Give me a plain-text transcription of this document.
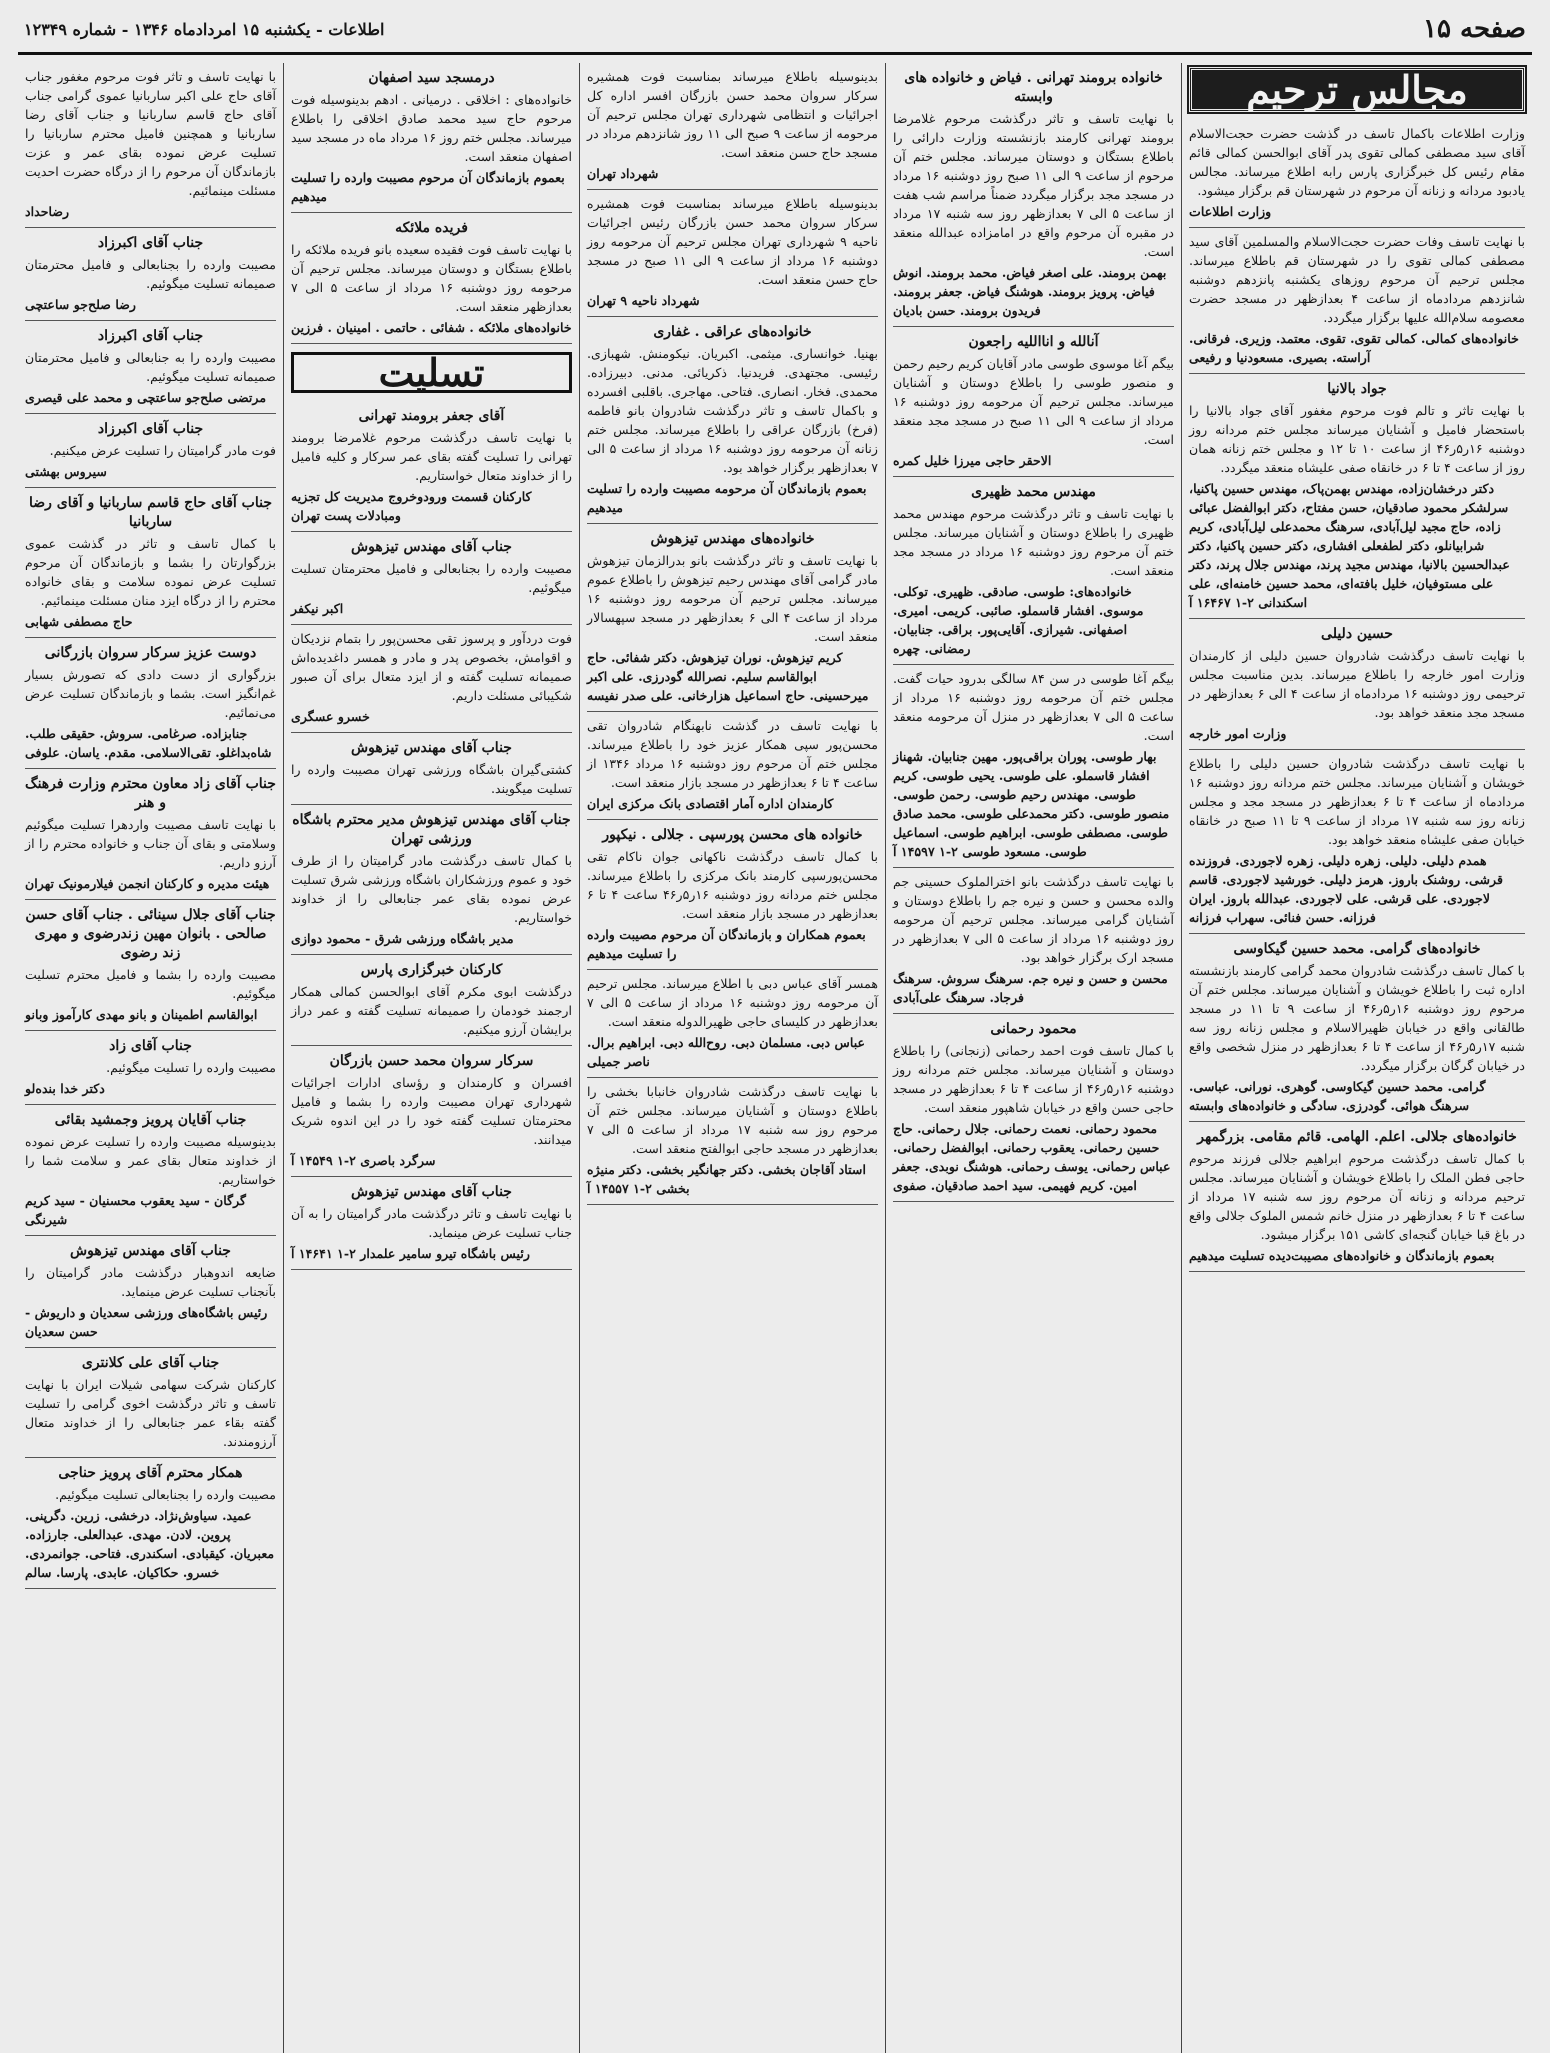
صفحه ۱۵
اطلاعات - یکشنبه ۱۵ امردادماه ۱۳۴۶ - شماره ۱۲۳۴۹
مجالس ترحیم

وزارت اطلاعات باکمال تاسف در گذشت حضرت حجت‌الاسلام آقای سید مصطفی کمالی تقوی پدر آقای ابوالحسن کمالی قائم مقام رئیس کل خبرگزاری پارس رابه اطلاع میرساند. مجالس یادبود مردانه و زنانه آن مرحوم در شهرستان قم برگزار میشود.

وزارت اطلاعات

با نهایت تاسف وفات حضرت حجت‌الاسلام والمسلمین آقای سید مصطفی کمالی تقوی را در شهرستان قم باطلاع میرساند. مجلس ترحیم آن مرحوم روزهای یکشنبه پانزدهم دوشنبه شانزدهم مردادماه از ساعت ۴ بعدازظهر در مسجد حضرت معصومه سلام‌الله علیها برگزار میگردد.

خانواده‌های کمالی. کمالی تقوی. تقوی. معتمد. وزیری. فرقانی. آراسته. بصیری. مسعودنیا و رفیعی

جواد بالانیا

با نهایت تاثر و تالم فوت مرحوم مغفور آقای جواد بالانیا را باستحضار فامیل و آشنایان میرساند مجلس ختم مردانه روز دوشنبه ۱۶ر۵ر۴۶ از ساعت ۱۰ تا ۱۲ و مجلس ختم زنانه همان روز از ساعت ۴ تا ۶ در خانقاه صفی علیشاه منعقد میگردد.

دکتر درخشان‌زاده، مهندس بهمن‌پاک، مهندس حسین پاکنیا، سرلشکر محمود صادقیان، حسن مفتاح، دکتر ابوالفضل عبائی زاده، حاج مجید لیل‌آبادی، سرهنگ محمدعلی لیل‌آبادی، کریم شرابیانلو، دکتر لطفعلی افشاری، دکتر حسین پاکنیا، دکتر عبدالحسین بالانیا، مهندس مجید پرند، مهندس جلال پرند، دکتر علی مستوفیان، خلیل بافته‌ای، محمد حسین خامنه‌ای، علی اسکندانی ۲-۱ ۱۶۴۶۷ آ

حسین دلیلی

با نهایت تاسف درگذشت شادروان حسین دلیلی از کارمندان وزارت امور خارجه را باطلاع میرساند. بدین مناسبت مجلس ترحیمی روز دوشنبه ۱۶ مردادماه از ساعت ۴ الی ۶ بعدازظهر در مسجد مجد منعقد خواهد بود.

وزارت امور خارجه

با نهایت تاسف درگذشت شادروان حسین دلیلی را باطلاع خویشان و آشنایان میرساند. مجلس ختم مردانه روز دوشنبه ۱۶ مردادماه از ساعت ۴ تا ۶ بعدازظهر در مسجد مجد و مجلس زنانه روز سه شنبه ۱۷ مرداد از ساعت ۹ تا ۱۱ صبح در خانقاه خیابان صفی علیشاه منعقد خواهد بود.

همدم دلیلی. دلیلی. زهره دلیلی. زهره لاجوردی. فروزنده قرشی. روشنک باروز. هرمز دلیلی. خورشید لاجوردی. قاسم لاجوردی. علی قرشی. علی لاجوردی. عبدالله باروز. ایران فرزانه. حسن فنائی. سهراب فرزانه

خانواده‌های گرامی. محمد حسین گیکاوسی

با کمال تاسف درگذشت شادروان محمد گرامی کارمند بازنشسته اداره ثبت را باطلاع خویشان و آشنایان میرساند. مجلس ختم آن مرحوم روز دوشنبه ۱۶ر۵ر۴۶ از ساعت ۹ تا ۱۱ در مسجد طالقانی واقع در خیابان ظهیرالاسلام و مجلس زنانه روز سه شنبه ۱۷ر۵ر۴۶ از ساعت ۴ تا ۶ بعدازظهر در منزل شخصی واقع در خیابان گرگان برگزار میگردد.

گرامی. محمد حسین گیکاوسی. گوهری. نورانی. عباسی. سرهنگ هوائی. گودرزی. سادگی و خانواده‌های وابسته

خانواده‌های جلالی. اعلم. الهامی. قائم مقامی. بزرگمهر

با کمال تاسف درگذشت مرحوم ابراهیم جلالی فرزند مرحوم حاجی فطن الملک را باطلاع خویشان و آشنایان میرساند. مجلس ترحیم مردانه و زنانه آن مرحوم روز سه شنبه ۱۷ مرداد از ساعت ۴ تا ۶ بعدازظهر در منزل خانم شمس الملوک جلالی واقع در باغ قبا خیابان گنجه‌ای کاشی ۱۵۱ برگزار میشود.

بعموم بازماندگان و خانواده‌های مصیبت‌دیده تسلیت میدهیم

خانواده برومند تهرانی . فیاض و خانواده های وابسته

با نهایت تاسف و تاثر درگذشت مرحوم غلامرضا برومند تهرانی کارمند بازنشسته وزارت دارائی را باطلاع بستگان و دوستان میرساند. مجلس ختم آن مرحوم از ساعت ۹ الی ۱۱ صبح روز دوشنبه ۱۶ مرداد در مسجد مجد برگزار میگردد ضمناً مراسم شب هفت از ساعت ۵ الی ۷ بعدازظهر روز سه شنبه ۱۷ مرداد در مقبره آن مرحوم واقع در امامزاده عبدالله منعقد است.

بهمن برومند. علی اصغر فیاض. محمد برومند. انوش فیاض. پرویز برومند. هوشنگ فیاض. جعفر برومند. فریدون برومند. حسن بادیان

آنالله و انااللیه راجعون

بیگم آغا موسوی طوسی مادر آقایان کریم رحیم رحمن و منصور طوسی را باطلاع دوستان و آشنایان میرساند. مجلس ترحیم آن مرحومه روز دوشنبه ۱۶ مرداد از ساعت ۹ الی ۱۱ صبح در مسجد مجد منعقد است.

الاحقر حاجی میرزا خلیل کمره

مهندس محمد ظهیری

با نهایت تاسف و تاثر درگذشت مرحوم مهندس محمد ظهیری را باطلاع دوستان و آشنایان میرساند. مجلس ختم آن مرحوم روز دوشنبه ۱۶ مرداد در مسجد مجد منعقد است.

خانواده‌های: طوسی. صادقی. ظهیری. توکلی. موسوی. افشار قاسملو. صائبی. کریمی. امیری. اصفهانی. شیرازی. آقایی‌پور. براقی. جنابیان. رمضانی. چهره

بیگم آغا طوسی در سن ۸۴ سالگی بدرود حیات گفت. مجلس ختم آن مرحومه روز دوشنبه ۱۶ مرداد از ساعت ۵ الی ۷ بعدازظهر در منزل آن مرحومه منعقد است.

بهار طوسی. پوران براقی‌پور. مهین جنابیان. شهناز افشار قاسملو. علی طوسی. یحیی طوسی. کریم طوسی. مهندس رحیم طوسی. رحمن طوسی. منصور طوسی. دکتر محمدعلی طوسی. محمد صادق طوسی. مصطفی طوسی. ابراهیم طوسی. اسماعیل طوسی. مسعود طوسی ۲-۱ ۱۴۵۹۷ آ

با نهایت تاسف درگذشت بانو اخترالملوک حسینی جم والده محسن و حسن و نیره جم را باطلاع دوستان و آشنایان گرامی میرساند. مجلس ترحیم آن مرحومه روز دوشنبه ۱۶ مرداد از ساعت ۵ الی ۷ بعدازظهر در مسجد ارک برگزار خواهد بود.

محسن و حسن و نیره جم. سرهنگ سروش. سرهنگ فرجاد. سرهنگ علی‌آبادی

محمود رحمانی

با کمال تاسف فوت احمد رحمانی (زنجانی) را باطلاع دوستان و آشنایان میرساند. مجلس ختم مردانه روز دوشنبه ۱۶ر۵ر۴۶ از ساعت ۴ تا ۶ بعدازظهر در مسجد حاجی حسن واقع در خیابان شاهپور منعقد است.

محمود رحمانی. نعمت رحمانی. جلال رحمانی. حاج حسین رحمانی. یعقوب رحمانی. ابوالفضل رحمانی. عباس رحمانی. یوسف رحمانی. هوشنگ نوبدی. جعفر امین. کریم فهیمی. سید احمد صادقیان. صفوی

بدینوسیله باطلاع میرساند بمناسبت فوت همشیره سرکار سروان محمد حسن بازرگان افسر اداره کل اجرائیات و انتظامی شهرداری تهران مجلس ترحیم آن مرحومه از ساعت ۹ صبح الی ۱۱ روز شانزدهم مرداد در مسجد حاج حسن منعقد است.

شهرداد تهران

بدینوسیله باطلاع میرساند بمناسبت فوت همشیره سرکار سروان محمد حسن بازرگان رئیس اجرائیات ناحیه ۹ شهرداری تهران مجلس ترحیم آن مرحومه روز دوشنبه ۱۶ مرداد از ساعت ۹ الی ۱۱ صبح در مسجد حاج حسن منعقد است.

شهرداد ناحیه ۹ تهران

خانواده‌های عراقی . غفاری

بهنیا. خوانساری. میثمی. اکبریان. نیکومنش. شهبازی. رئیسی. مجتهدی. فریدنیا. ذکریائی. مدنی. دبیرزاده. محمدی. فخار. انصاری. فتاحی. مهاجری. باقلبی افسرده و باکمال تاسف و تاثر درگذشت شادروان بانو فاطمه (فرخ) بازرگان عراقی را باطلاع میرساند. مجلس ختم زنانه آن مرحومه روز دوشنبه ۱۶ مرداد از ساعت ۵ الی ۷ بعدازظهر برگزار خواهد بود.

بعموم بازماندگان آن مرحومه مصیبت وارده را تسلیت میدهیم

خانواده‌های مهندس تیزهوش

با نهایت تاسف و تاثر درگذشت بانو بدرالزمان تیزهوش مادر گرامی آقای مهندس رحیم تیزهوش را باطلاع عموم میرساند. مجلس ترحیم آن مرحومه روز دوشنبه ۱۶ مرداد از ساعت ۴ الی ۶ بعدازظهر در مسجد سپهسالار منعقد است.

کریم تیزهوش. نوران تیزهوش. دکتر شفائی. حاج ابوالقاسم سلیم. نصرالله گودرزی. علی اکبر میرحسینی. حاج اسماعیل هزارخانی. علی صدر نفیسه

با نهایت تاسف در گذشت نابهنگام شادروان تقی محسن‌پور سپی همکار عزیز خود را باطلاع میرساند. مجلس ختم آن مرحوم روز دوشنبه ۱۶ مرداد ۱۳۴۶ از ساعت ۴ تا ۶ بعدازظهر در مسجد بازار منعقد است.

کارمندان اداره آمار اقتصادی بانک مرکزی ایران

خانواده های محسن پورسپی . جلالی . نیکپور

با کمال تاسف درگذشت ناکهانی جوان ناکام تقی محسن‌پورسپی کارمند بانک مرکزی را باطلاع میرساند. مجلس ختم مردانه روز دوشنبه ۱۶ر۵ر۴۶ ساعت ۴ تا ۶ بعدازظهر در مسجد بازار منعقد است.

بعموم همکاران و بازماندگان آن مرحوم مصیبت وارده را تسلیت میدهیم

همسر آقای عباس دبی با اطلاع میرساند. مجلس ترحیم آن مرحومه روز دوشنبه ۱۶ مرداد از ساعت ۵ الی ۷ بعدازظهر در کلیسای حاجی ظهیرالدوله منعقد است.

عباس دبی. مسلمان دبی. روح‌الله دبی. ابراهیم برال. ناصر جمیلی

با نهایت تاسف درگذشت شادروان خانبابا بخشی را باطلاع دوستان و آشنایان میرساند. مجلس ختم آن مرحوم روز سه شنبه ۱۷ مرداد از ساعت ۵ الی ۷ بعدازظهر در مسجد حاجی ابوالفتح منعقد است.

استاد آقاجان بخشی. دکتر جهانگیر بخشی. دکتر منیژه بخشی ۲-۱ ۱۴۵۵۷ آ

درمسجد سید اصفهان

خانواده‌های : اخلاقی . درمیانی . ادهم بدینوسیله فوت مرحوم حاج سید محمد صادق اخلاقی را باطلاع میرساند. مجلس ختم روز ۱۶ مرداد ماه در مسجد سید اصفهان منعقد است.

بعموم بازماندگان آن مرحوم مصیبت وارده را تسلیت میدهیم

فریده ملائکه

با نهایت تاسف فوت فقیده سعیده بانو فریده ملائکه را باطلاع بستگان و دوستان میرساند. مجلس ترحیم آن مرحومه روز دوشنبه ۱۶ مرداد از ساعت ۵ الی ۷ بعدازظهر منعقد است.

خانواده‌های ملائکه . شفائی . حاتمی . امینیان . فرزین

تسلیت
آقای جعفر برومند تهرانی

با نهایت تاسف درگذشت مرحوم غلامرضا برومند تهرانی را تسلیت گفته بقای عمر سرکار و کلیه فامیل را از خداوند متعال خواستاریم.

کارکنان قسمت ورودوخروج مدیریت کل تجزیه ومبادلات پست تهران

جناب آقای مهندس تیزهوش

مصیبت وارده را بجنابعالی و فامیل محترمتان تسلیت میگوئیم.

اکبر نیکفر

فوت دردآور و پرسوز تقی محسن‌پور را بتمام نزدیکان و اقوامش، بخصوص پدر و مادر و همسر داغدیده‌اش صمیمانه تسلیت گفته و از ایزد متعال برای آن صبور شکیبائی مسئلت داریم.

خسرو عسگری

جناب آقای مهندس تیزهوش

کشتی‌گیران باشگاه ورزشی تهران مصیبت وارده را تسلیت میگویند.

جناب آقای مهندس تیزهوش مدیر محترم باشگاه ورزشی تهران

با کمال تاسف درگذشت مادر گرامیتان را از طرف خود و عموم ورزشکاران باشگاه ورزشی شرق تسلیت عرض نموده بقای عمر جنابعالی را از خداوند خواستاریم.

مدیر باشگاه ورزشی شرق - محمود دوازی

کارکنان خبرگزاری پارس

درگذشت ابوی مکرم آقای ابوالحسن کمالی همکار ارجمند خودمان را صمیمانه تسلیت گفته و عمر دراز برایشان آرزو میکنیم.

سرکار سروان محمد حسن بازرگان

افسران و کارمندان و رؤسای ادارات اجرائیات شهرداری تهران مصیبت وارده را بشما و فامیل محترمتان تسلیت گفته خود را در این اندوه شریک میدانند.

سرگرد باصری ۲-۱ ۱۴۵۴۹ آ

جناب آقای مهندس تیزهوش

با نهایت تاسف و تاثر درگذشت مادر گرامیتان را به آن جناب تسلیت عرض مینماید.

رئیس باشگاه تیرو سامیر علمدار ۲-۱ ۱۴۶۴۱ آ

با نهایت تاسف و تاثر فوت مرحوم مغفور جناب آقای حاج علی اکبر ساربانیا عموی گرامی جناب آقای حاج قاسم ساربانیا و جناب آقای رضا ساربانیا و همچنین فامیل محترم ساربانیا را تسلیت عرض نموده بقای عمر و عزت بازماندگان آن مرحوم را از درگاه حضرت احدیت مسئلت مینمائیم.

رضاحداد

جناب آقای اکبرزاد

مصیبت وارده را بجنابعالی و فامیل محترمتان صمیمانه تسلیت میگوئیم.

رضا صلح‌جو ساعتچی

جناب آقای اکبرزاد

مصیبت وارده را به جنابعالی و فامیل محترمتان صمیمانه تسلیت میگوئیم.

مرتضی صلح‌جو ساعتچی و محمد علی قیصری

جناب آقای اکبرزاد

فوت مادر گرامیتان را تسلیت عرض میکنیم.

سیروس بهشتی

جناب آقای حاج قاسم ساربانیا و آقای رضا ساربانیا

با کمال تاسف و تاثر در گذشت عموی بزرگوارتان را بشما و بازماندگان آن مرحوم تسلیت عرض نموده سلامت و بقای خانواده محترم را از درگاه ایزد منان مسئلت مینمائیم.

حاج مصطفی شهابی

دوست عزیز سرکار سروان بازرگانی

بزرگواری از دست دادی که تصورش بسیار غم‌انگیز است. بشما و بازماندگان تسلیت عرض می‌نمائیم.

جنابزاده. صرغامی. سروش. حقیقی طلب. شاه‌بداغلو. تقی‌الاسلامی. مقدم. یاسان. علوفی

جناب آقای زاد معاون محترم وزارت فرهنگ و هنر

با نهایت تاسف مصیبت واردهرا تسلیت میگوئیم وسلامتی و بقای آن جناب و خانواده محترم را از آرزو داریم.

هیئت مدیره و کارکنان انجمن فیلارمونیک تهران

جناب آقای جلال سینائی . جناب آقای حسن صالحی . بانوان مهین زندرضوی و مهری زند رضوی

مصیبت وارده را بشما و فامیل محترم تسلیت میگوئیم.

ابوالقاسم اطمینان و بانو مهدی کارآموز وبانو

جناب آقای زاد

مصیبت وارده را تسلیت میگوئیم.

دکتر خدا بنده‌لو

جناب آقایان پرویز وجمشید بقائی

بدینوسیله مصیبت وارده را تسلیت عرض نموده از خداوند متعال بقای عمر و سلامت شما را خواستاریم.

گرگان - سید یعقوب محسنیان - سید کریم شیرنگی

جناب آقای مهندس تیزهوش

ضایعه اندوهبار درگذشت مادر گرامیتان را بآنجناب تسلیت عرض مینماید.

رئیس باشگاه‌های ورزشی سعدیان و داریوش - حسن سعدیان

جناب آقای علی کلانتری

کارکنان شرکت سهامی شیلات ایران با نهایت تاسف و تاثر درگذشت اخوی گرامی را تسلیت گفته بقاء عمر جنابعالی را از خداوند متعال آرزومندند.

همکار محترم آقای پرویز حناجی

مصیبت وارده را بجنابعالی تسلیت میگوئیم.

عمید. سیاوش‌نژاد. درخشی. زرین. دگرپنی. پروین. لادن. مهدی. عبدالعلی. جارزاده. معبریان. کیقبادی. اسکندری. فتاحی. جوانمردی. خسرو. حکاکیان. عابدی. پارسا. سالم
